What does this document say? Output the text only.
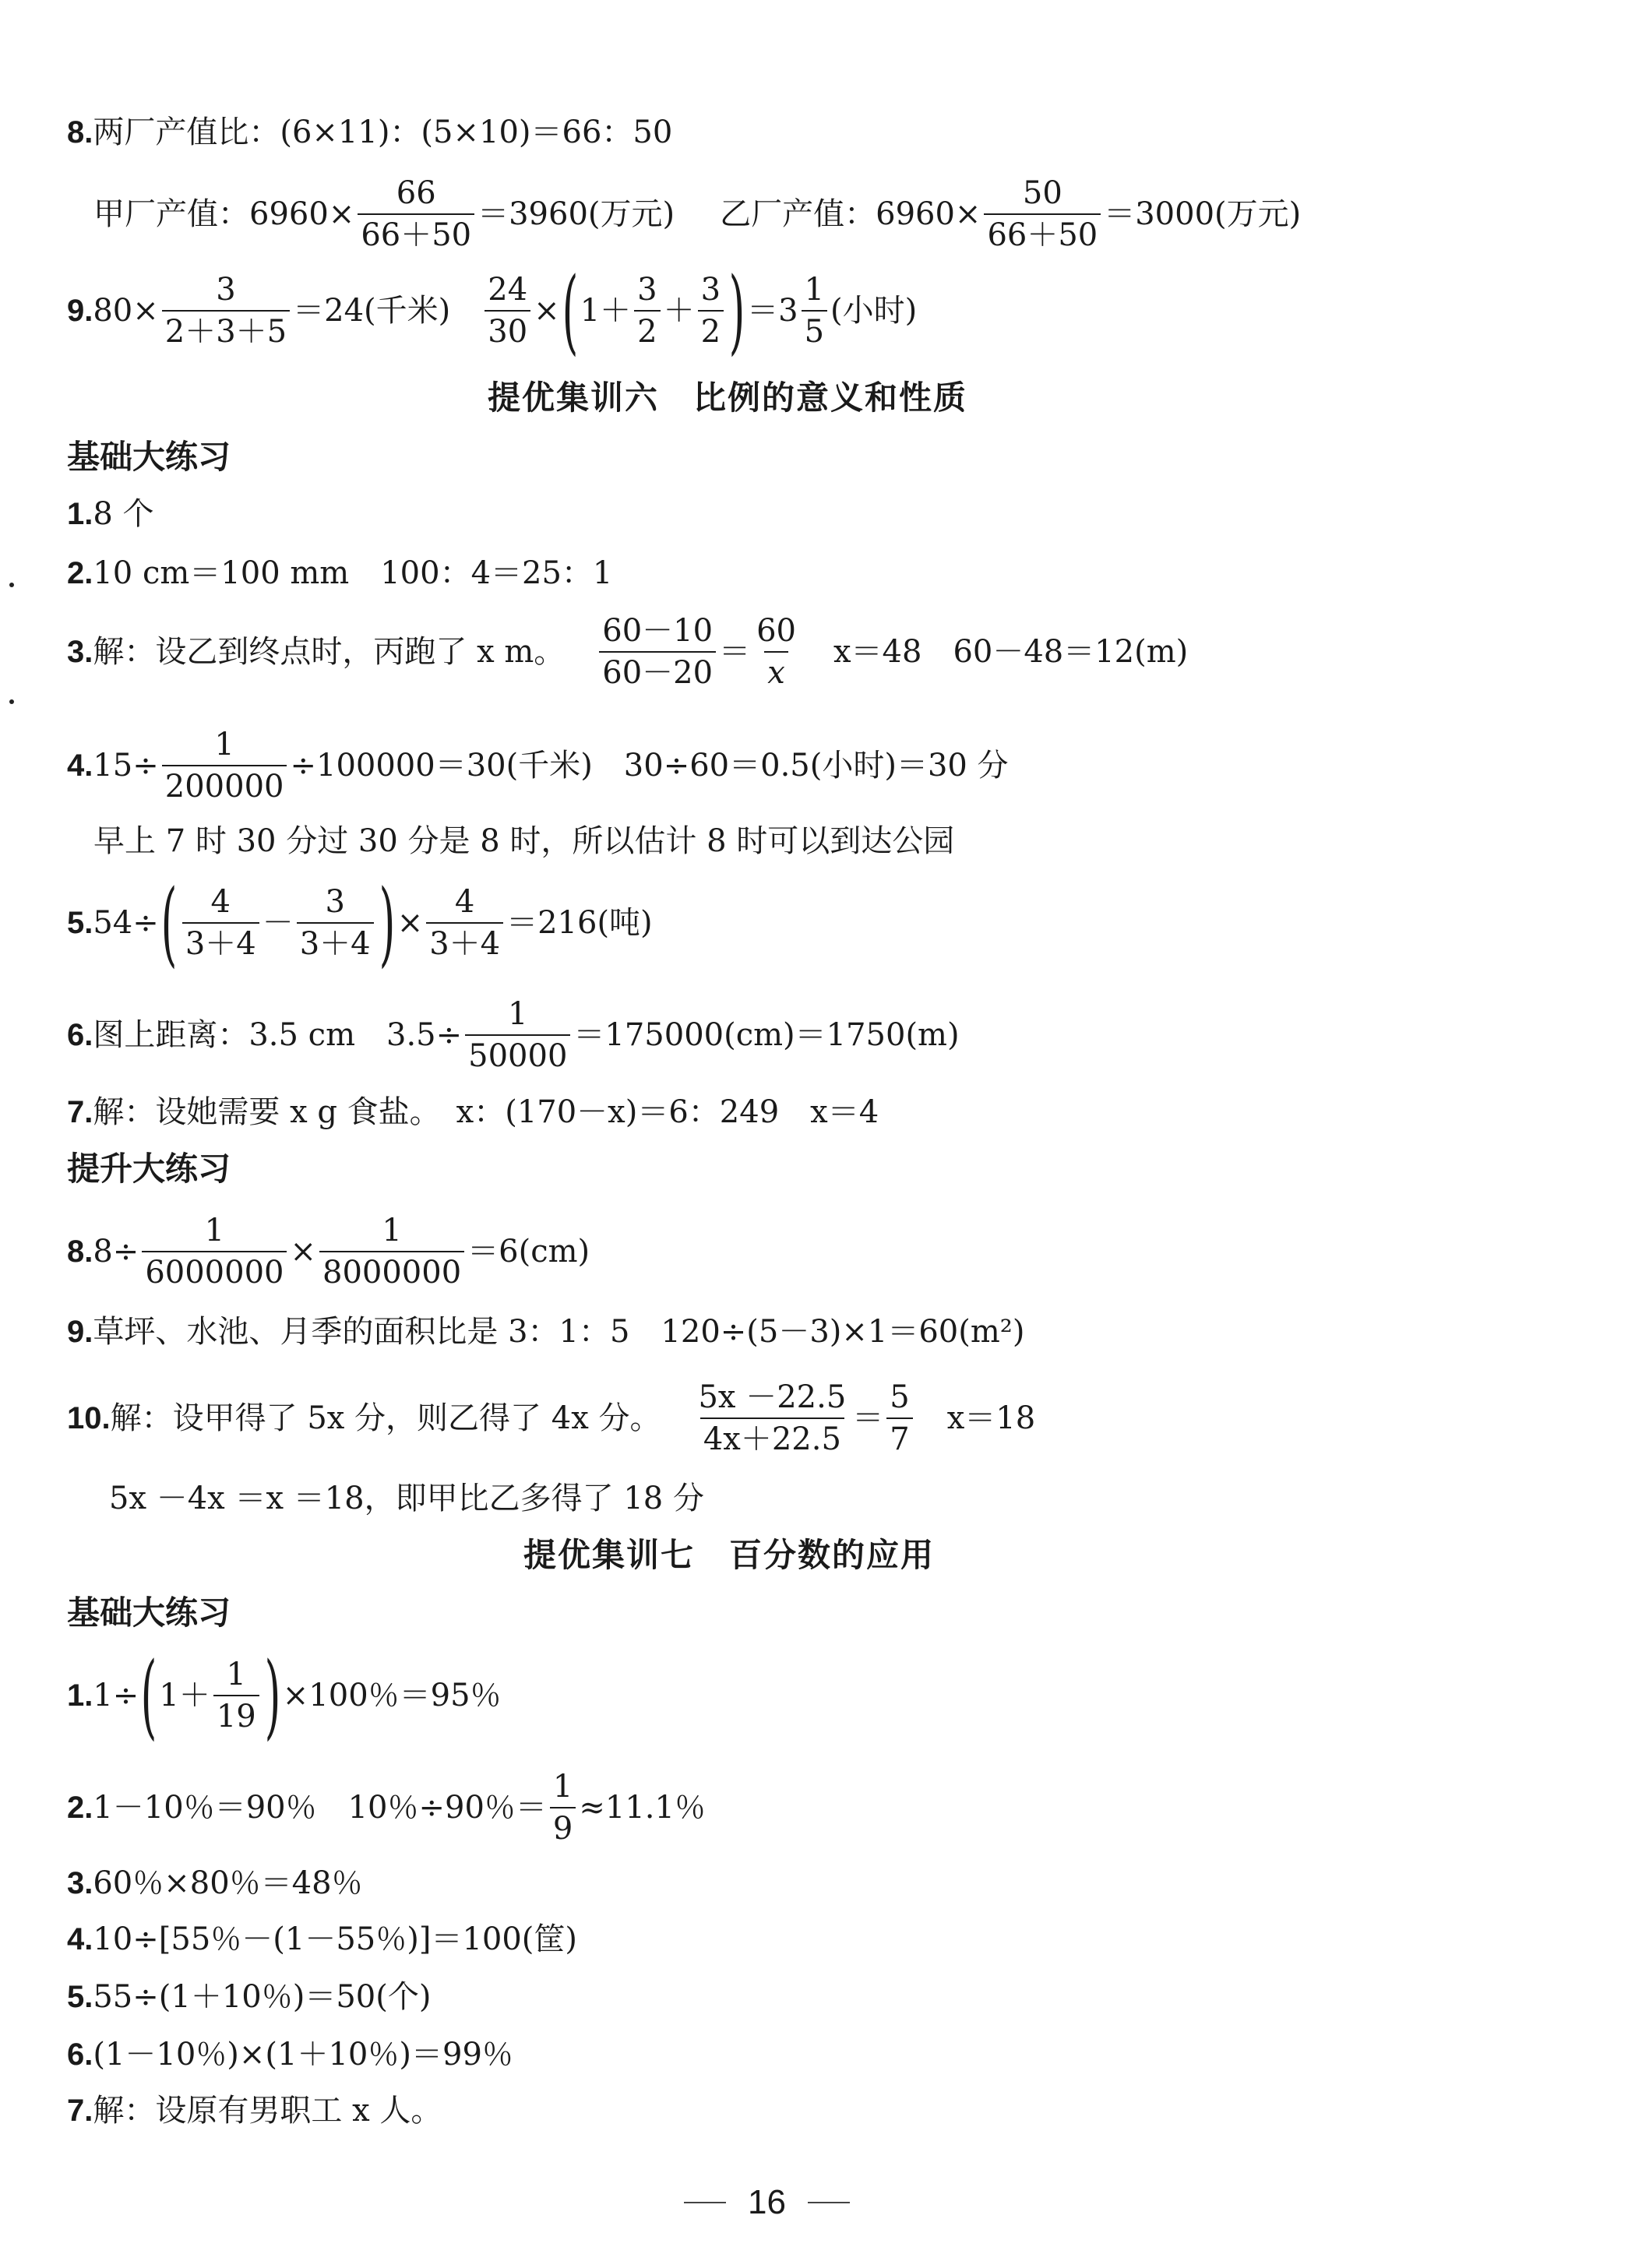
8. 两厂产值比：(6×11)：(5×10)＝66：50
甲厂产值：$6960\times \frac{66}{66+50} =3960$(万元) 乙厂产值：$6960\times \frac{50}{66+50} =3000$(万元)
9. $80\times \frac{3}{2+3+5} =24$(千米) $\frac{24}{30}$ × ( $1+ \frac{3}{2} + \frac{3}{2}$ ) $=3 \frac{1}{5}$ (小时)
提优集训六　比例的意义和性质
基础大练习
1. 8 个
2. 10 cm＝100 mm　100：4＝25：1
3. 解：设乙到终点时，丙跑了 x m。 $\frac{60-10}{60-20} = \frac{60}{x} x=48$　60－48＝12(m)
4. $15\div \frac{1}{200000} \div 100000=30$(千米)　30÷60＝0.5(小时)＝30 分
早上 7 时 30 分过 30 分是 8 时，所以估计 8 时可以到达公园
5. 54÷ ( $\frac{4}{3+4} - \frac{3}{3+4}$ ) × $\frac{4}{3+4} =216$(吨)
6. 图上距离：3.5 cm　$3.5\div \frac{1}{50000} =175000(cm)=1750(m)$
7. 解：设她需要 x g 食盐。　x：(170－x)＝6：249　x＝4
提升大练习
8. $8\div \frac{1}{6000000} \times \frac{1}{8000000} =6(cm)$
9. 草坪、水池、月季的面积比是 3：1：5　120÷(5－3)×1＝60(m²)
10. 解：设甲得了 5x 分，则乙得了 4x 分。 $\frac{5x -22.5}{4x+22.5} = \frac{5}{7} x=18$
5x －4x ＝x ＝18，即甲比乙多得了 18 分
提优集训七　百分数的应用
基础大练习
1. 1÷ ( $1+ \frac{1}{19}$ ) ×100％＝95％
2. 1－10％＝90％　10％÷90％＝ $\frac{1}{9} \approx 11.1$％
3. 60％×80％＝48％
4. 10÷[55％－(1－55％)]＝100(筐)
5. 55÷(1＋10％)＝50(个)
6. (1－10％)×(1＋10％)＝99％
7. 解：设原有男职工 x 人。
16
